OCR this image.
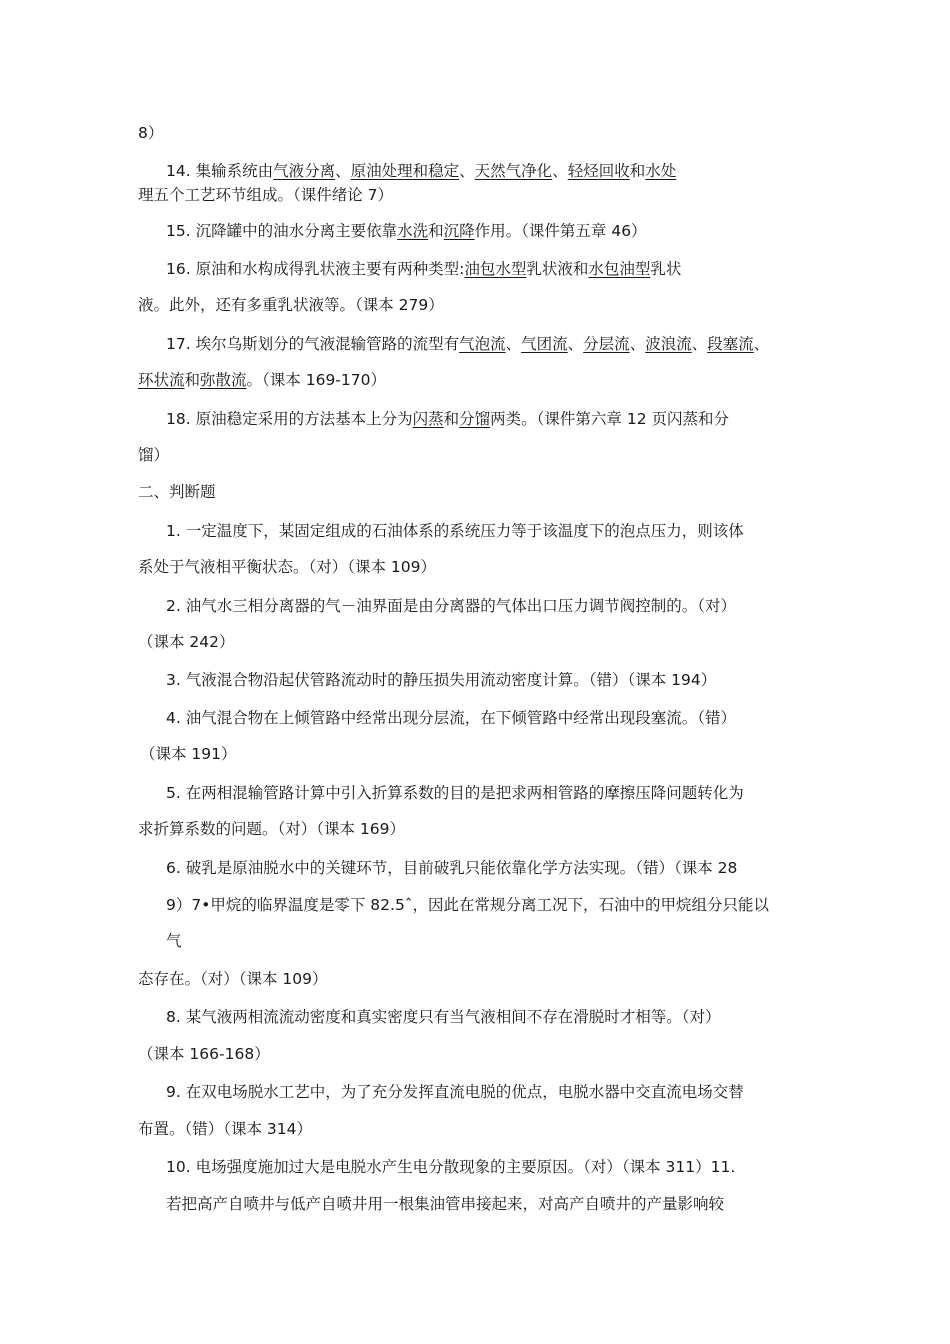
8）
14. 集输系统由气液分离、原油处理和稳定、天然气净化、轻烃回收和水处
理五个工艺环节组成。（课件绪论 7）
15. 沉降罐中的油水分离主要依靠水洗和沉降作用。（课件第五章 46）
16. 原油和水构成得乳状液主要有两种类型:油包水型乳状液和水包油型乳状
液。此外，还有多重乳状液等。（课本 279）
17. 埃尔乌斯划分的气液混输管路的流型有气泡流、气团流、分层流、波浪流、段塞流、
环状流和弥散流。（课本 169-170）
18. 原油稳定采用的方法基本上分为闪蒸和分馏两类。（课件第六章 12 页闪蒸和分
馏）
二、判断题
1. 一定温度下，某固定组成的石油体系的系统压力等于该温度下的泡点压力，则该体
系处于气液相平衡状态。（对）（课本 109）
2. 油气水三相分离器的气－油界面是由分离器的气体出口压力调节阀控制的。（对）
（课本 242）
3. 气液混合物沿起伏管路流动时的静压损失用流动密度计算。（错）（课本 194）
4. 油气混合物在上倾管路中经常出现分层流，在下倾管路中经常出现段塞流。（错）
（课本 191）
5. 在两相混输管路计算中引入折算系数的目的是把求两相管路的摩擦压降问题转化为
求折算系数的问题。（对）（课本 169）
6. 破乳是原油脱水中的关键环节，目前破乳只能依靠化学方法实现。（错）（课本 28
9）7•甲烷的临界温度是零下 82.5ˆ，因此在常规分离工况下，石油中的甲烷组分只能以
气
态存在。（对）（课本 109）
8. 某气液两相流流动密度和真实密度只有当气液相间不存在滑脱时才相等。（对）
（课本 166-168）
9. 在双电场脱水工艺中，为了充分发挥直流电脱的优点，电脱水器中交直流电场交替
布置。（错）（课本 314）
10. 电场强度施加过大是电脱水产生电分散现象的主要原因。（对）（课本 311）11.
若把高产自喷井与低产自喷井用一根集油管串接起来，对高产自喷井的产量影响较
